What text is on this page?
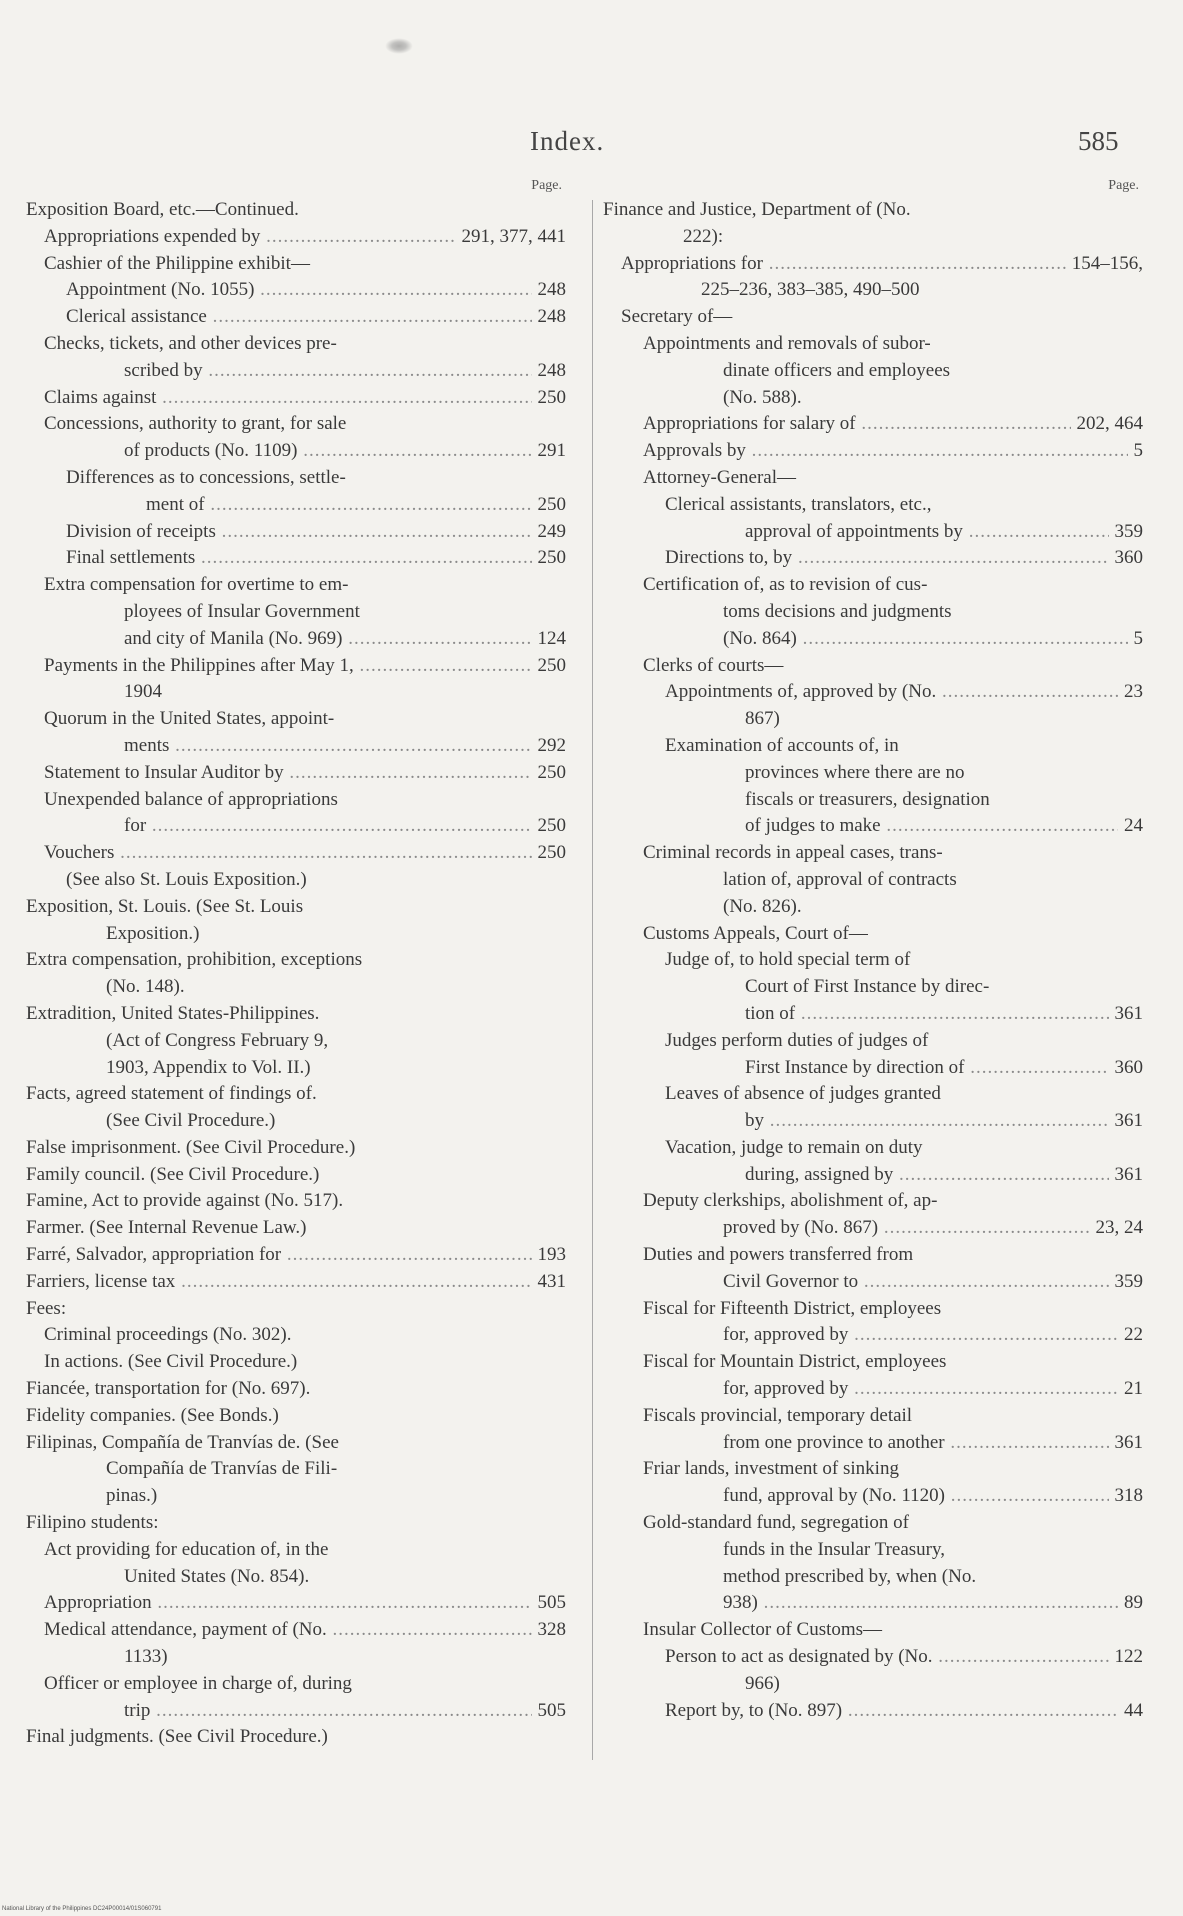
Index.	585
Page.
Exposition Board, etc.—Continued.
Appropriations expended by .....	291, 377, 441
Cashier of the Philippine exhibit—
Appointment (No. 1055) .....	248
Clerical assistance .....	248
Checks, tickets, and other devices pre-
scribed by .....	248
Claims against .....	250
Concessions, authority to grant, for sale
of products (No. 1109) .....	291
Differences as to concessions, settle-
ment of .....	250
Division of receipts .....	249
Final settlements .....	250
Extra compensation for overtime to em-
ployees of Insular Government
and city of Manila (No. 969) .....	124
Payments in the Philippines after May 1, .....	250
1904
Quorum in the United States, appoint-
ments .....	292
Statement to Insular Auditor by .....	250
Unexpended balance of appropriations
for .....	250
Vouchers .....	250
(See also St. Louis Exposition.)
Exposition, St. Louis. (See St. Louis
Exposition.)
Extra compensation, prohibition, exceptions
(No. 148).
Extradition, United States-Philippines.
(Act of Congress February 9,
1903, Appendix to Vol. II.)
Facts, agreed statement of findings of.
(See Civil Procedure.)
False imprisonment. (See Civil Procedure.)
Family council. (See Civil Procedure.)
Famine, Act to provide against (No. 517).
Farmer. (See Internal Revenue Law.)
Farré, Salvador, appropriation for .....	193
Farriers, license tax .....	431
Fees:
Criminal proceedings (No. 302).
In actions. (See Civil Procedure.)
Fiancée, transportation for (No. 697).
Fidelity companies. (See Bonds.)
Filipinas, Compañía de Tranvías de. (See
Compañía de Tranvías de Fili-
pinas.)
Filipino students:
Act providing for education of, in the
United States (No. 854).
Appropriation .....	505
Medical attendance, payment of (No. .....	328
1133)
Officer or employee in charge of, during
trip .....	505
Final judgments. (See Civil Procedure.)
Page.
Finance and Justice, Department of (No.
222):
Appropriations for .....	154–156,
225–236, 383–385, 490–500
Secretary of—
Appointments and removals of subor-
dinate officers and employees
(No. 588).
Appropriations for salary of .....	202, 464
Approvals by .....	5
Attorney-General—
Clerical assistants, translators, etc.,
approval of appointments by .....	359
Directions to, by .....	360
Certification of, as to revision of cus-
toms decisions and judgments
(No. 864) .....	5
Clerks of courts—
Appointments of, approved by (No. .....	23
867)
Examination of accounts of, in
provinces where there are no
fiscals or treasurers, designation
of judges to make .....	24
Criminal records in appeal cases, trans-
lation of, approval of contracts
(No. 826).
Customs Appeals, Court of—
Judge of, to hold special term of
Court of First Instance by direc-
tion of .....	361
Judges perform duties of judges of
First Instance by direction of .....	360
Leaves of absence of judges granted
by .....	361
Vacation, judge to remain on duty
during, assigned by .....	361
Deputy clerkships, abolishment of, ap-
proved by (No. 867) .....	23, 24
Duties and powers transferred from
Civil Governor to .....	359
Fiscal for Fifteenth District, employees
for, approved by .....	22
Fiscal for Mountain District, employees
for, approved by .....	21
Fiscals provincial, temporary detail
from one province to another .....	361
Friar lands, investment of sinking
fund, approval by (No. 1120) .....	318
Gold-standard fund, segregation of
funds in the Insular Treasury,
method prescribed by, when (No.
938) .....	89
Insular Collector of Customs—
Person to act as designated by (No. .....	122
966)
Report by, to (No. 897) .....	44
National Library of the Philippines DC24P00014/01S060791
